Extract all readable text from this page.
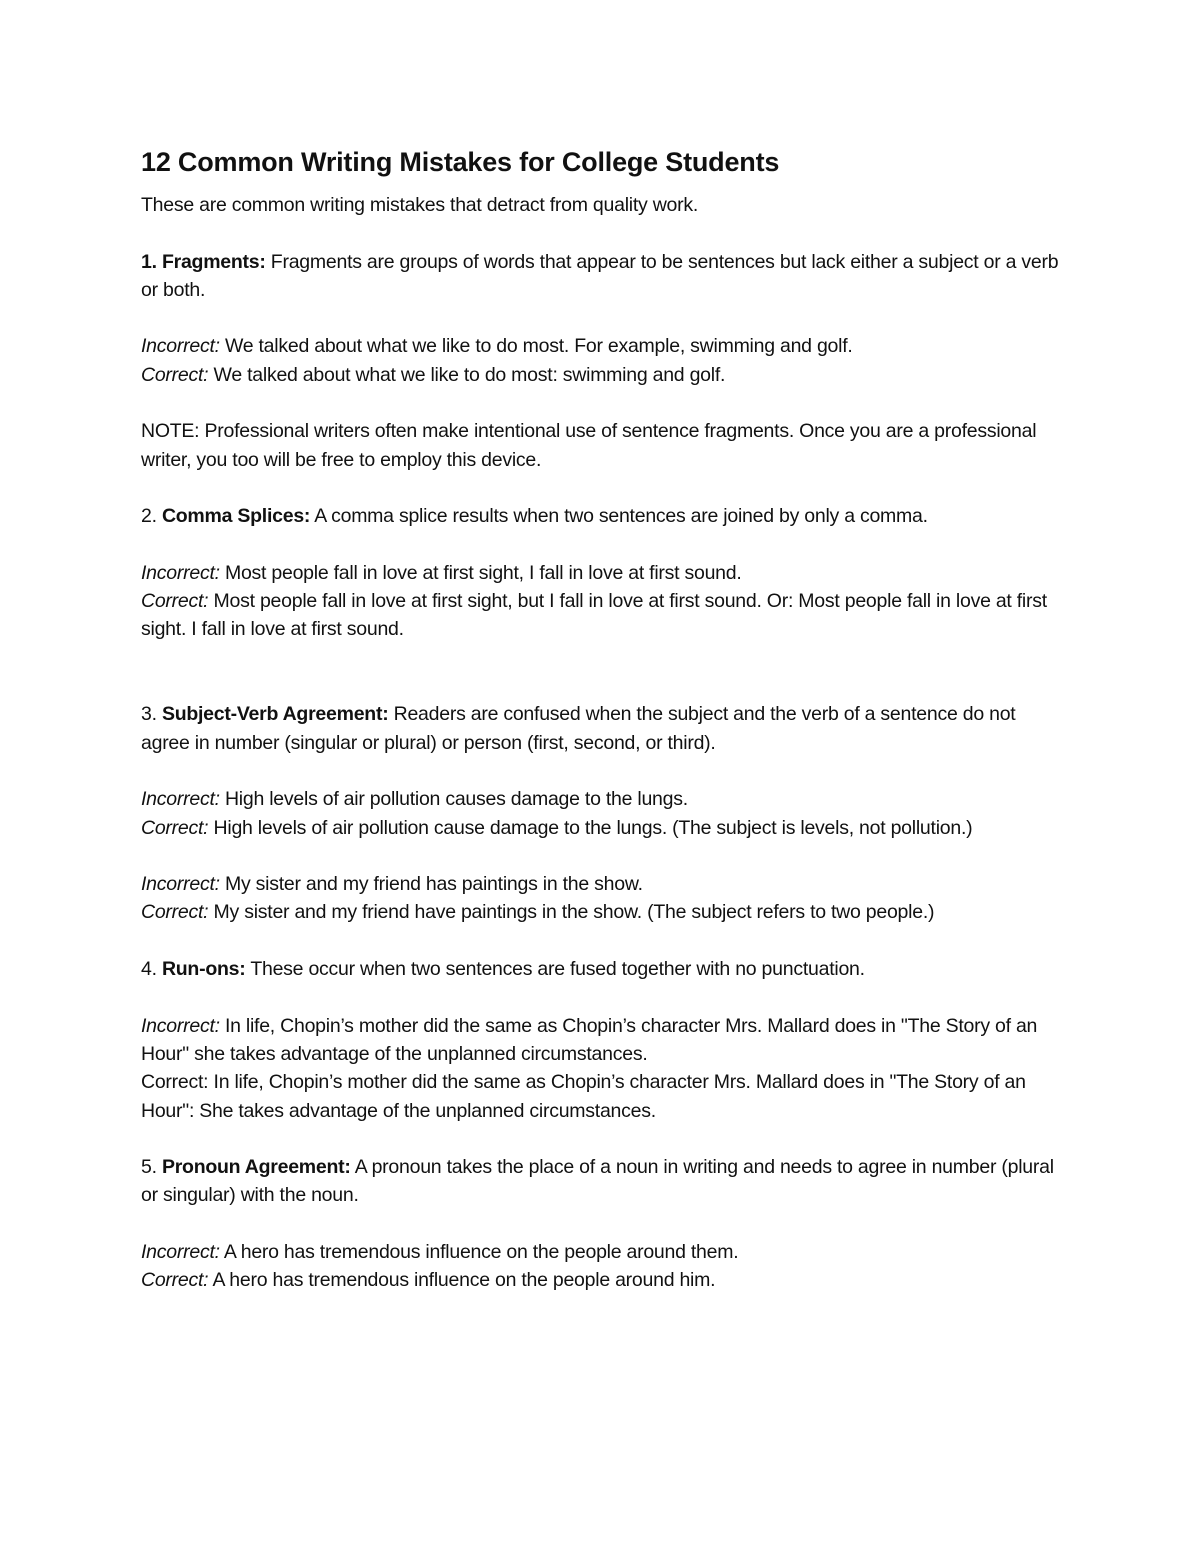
12 Common Writing Mistakes for College Students

These are common writing mistakes that detract from quality work.

1. Fragments: Fragments are groups of words that appear to be sentences but lack either a subject or a verb or both.

Incorrect: We talked about what we like to do most. For example, swimming and golf.

Correct: We talked about what we like to do most: swimming and golf.

NOTE: Professional writers often make intentional use of sentence fragments. Once you are a professional writer, you too will be free to employ this device.

2. Comma Splices: A comma splice results when two sentences are joined by only a comma.

Incorrect: Most people fall in love at first sight, I fall in love at first sound.

Correct: Most people fall in love at first sight, but I fall in love at first sound. Or: Most people fall in love at first sight. I fall in love at first sound.

3. Subject-Verb Agreement: Readers are confused when the subject and the verb of a sentence do not agree in number (singular or plural) or person (first, second, or third).

Incorrect: High levels of air pollution causes damage to the lungs.

Correct: High levels of air pollution cause damage to the lungs. (The subject is levels, not pollution.)

Incorrect: My sister and my friend has paintings in the show.

Correct: My sister and my friend have paintings in the show. (The subject refers to two people.)

4. Run-ons: These occur when two sentences are fused together with no punctuation.

Incorrect: In life, Chopin’s mother did the same as Chopin’s character Mrs. Mallard does in "The Story of an Hour" she takes advantage of the unplanned circumstances.

Correct: In life, Chopin’s mother did the same as Chopin’s character Mrs. Mallard does in "The Story of an Hour": She takes advantage of the unplanned circumstances.

5. Pronoun Agreement: A pronoun takes the place of a noun in writing and needs to agree in number (plural or singular) with the noun.

Incorrect: A hero has tremendous influence on the people around them.

Correct: A hero has tremendous influence on the people around him.
